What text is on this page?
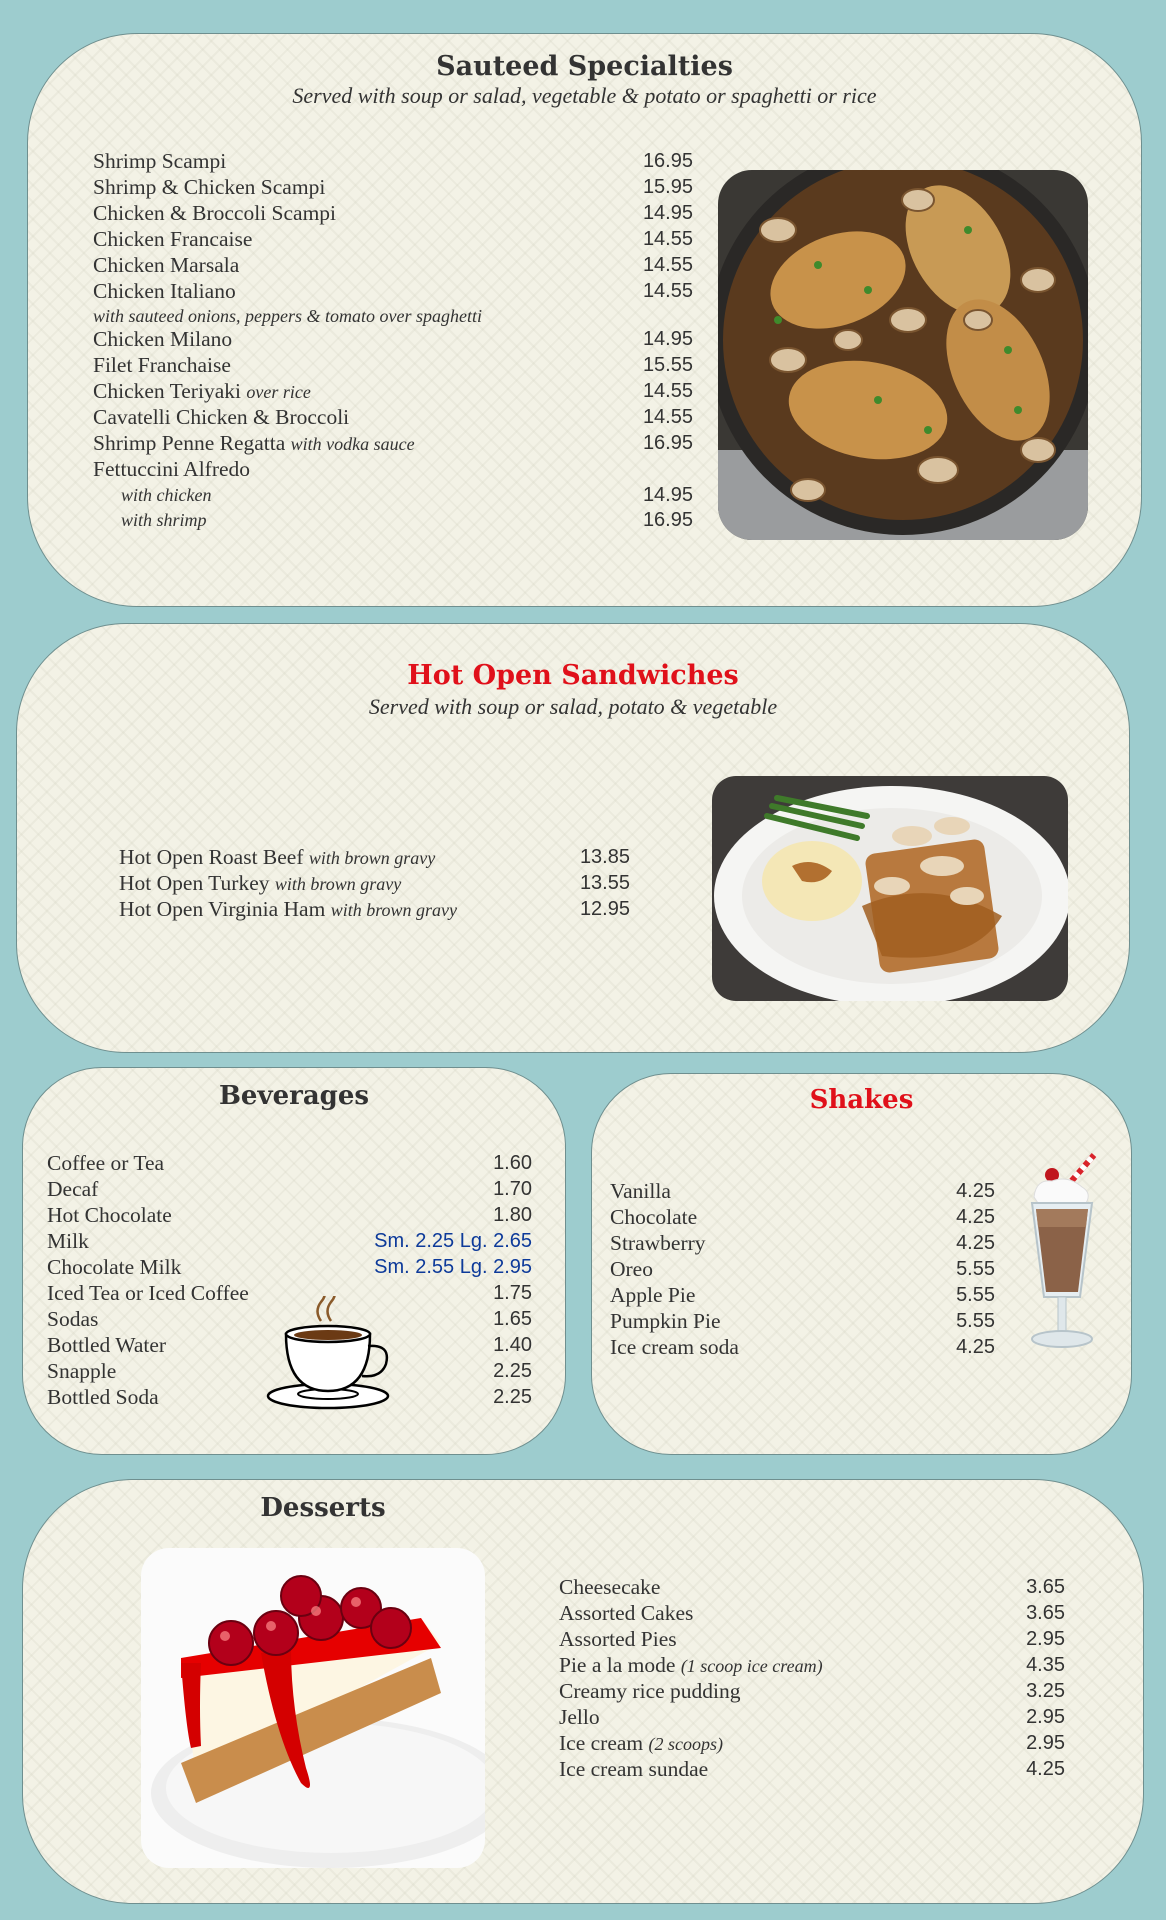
Sauteed Specialties
Served with soup or salad, vegetable & potato or spaghetti or rice
Shrimp Scampi	16.95
Shrimp & Chicken Scampi	15.95
Chicken & Broccoli Scampi	14.95
Chicken Francaise	14.55
Chicken Marsala	14.55
Chicken Italiano	14.55
with sauteed onions, peppers & tomato over spaghetti
Chicken Milano	14.95
Filet Franchaise	15.55
Chicken Teriyaki over rice	14.55
Cavatelli Chicken & Broccoli	14.55
Shrimp Penne Regatta with vodka sauce	16.95
Fettuccini Alfredo
with chicken	14.95
with shrimp	16.95
Hot Open Sandwiches
Served with soup or salad, potato & vegetable
Hot Open Roast Beef with brown gravy	13.85
Hot Open Turkey with brown gravy	13.55
Hot Open Virginia Ham with brown gravy	12.95
Beverages
Coffee or Tea	1.60
Decaf	1.70
Hot Chocolate	1.80
Milk	Sm. 2.25 Lg. 2.65
Chocolate Milk	Sm. 2.55 Lg. 2.95
Iced Tea or Iced Coffee	1.75
Sodas	1.65
Bottled Water	1.40
Snapple	2.25
Bottled Soda	2.25
Shakes
Vanilla	4.25
Chocolate	4.25
Strawberry	4.25
Oreo	5.55
Apple Pie	5.55
Pumpkin Pie	5.55
Ice cream soda	4.25
Desserts
Cheesecake	3.65
Assorted Cakes	3.65
Assorted Pies	2.95
Pie a la mode (1 scoop ice cream)	4.35
Creamy rice pudding	3.25
Jello	2.95
Ice cream (2 scoops)	2.95
Ice cream sundae	4.25
